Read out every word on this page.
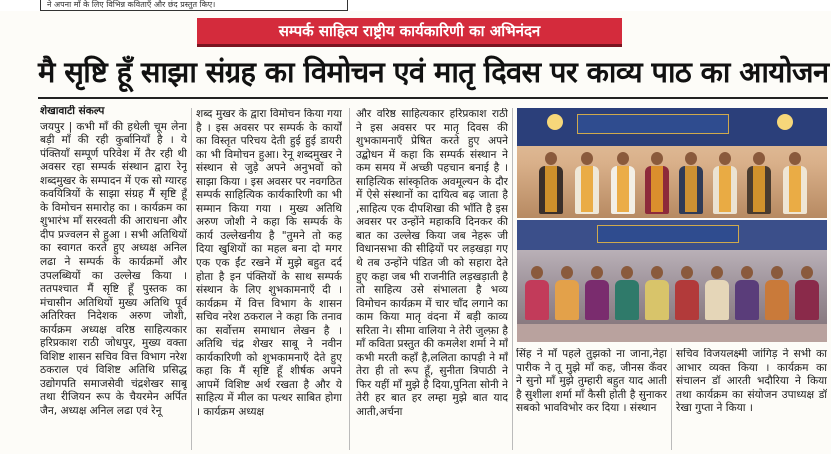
ने अपना माँ के लिए विभिन्न कविताएँ और छंद प्रस्तुत किए।
सम्पर्क साहित्य राष्ट्रीय कार्यकारिणी का अभिनंदन
मै सृष्टि हूँ साझा संग्रह का विमोचन एवं मातृ दिवस पर काव्य पाठ का आयोजन
शेखावाटी संकल्प

जयपुर | कभी माँ की हथेली चूम लेना बड़ी माँ की रही कुर्बानियाँ है । ये पंक्तियाँ सम्पूर्ण परिवेश में तैर रही थी अवसर रहा सम्पर्क संस्थान द्वारा रेनू शब्दमुखर के सम्पादन में एक सो ग्यारह कवयित्रियों के साझा संग्रह मैं सृष्टि हूँ के विमोचन समारोह का । कार्यक्रम का शुभारंभ माँ सरस्वती की आराधना और दीप प्रज्वलन से हुआ । सभी अतिथियों का स्वागत करते हुए अध्यक्ष अनिल लढा ने सम्पर्क के कार्यक्रमों और उपलब्धियों का उल्लेख किया । ततपश्चात मैं सृष्टि हूँ पुस्तक का मंचासीन अतिथियों मुख्य अतिथि पूर्व अतिरिक्त निदेशक अरुण जोशी, कार्यक्रम अध्यक्ष वरिष्ठ साहित्यकार हरिप्रकाश राठी जोधपुर, मुख्य वक्ता विशिष्ट शासन सचिव वित्त विभाग नरेश ठकराल एवं विशिष्ट अतिथि प्रसिद्ध उद्योगपति समाजसेवी चंद्रशेखर साबू तथा रीजियन रूप के चैयरमेन अर्पित जैन, अध्यक्ष अनिल लढा एवं रेनू

शब्द मुखर के द्वारा विमोचन किया गया है । इस अवसर पर सम्पर्क के कार्यों का विस्तृत परिचय देती हुई हुई डायरी का भी विमोचन हुआ। रेनू शब्दमुखर ने संस्थान से जुड़े अपने अनुभवों को साझा किया । इस अवसर पर नवगठित सम्पर्क साहित्यिक कार्यकारिणी का भी सम्मान किया गया । मुख्य अतिथि अरुण जोशी ने कहा कि सम्पर्क के कार्य उल्लेखनीय है "तुमने तो कह दिया खुशियों का महल बना दो मगर एक एक ईंट रखने में मुझे बहुत दर्द होता है इन पंक्तियों के साथ सम्पर्क संस्थान के लिए शुभकामनाएँ दी । कार्यक्रम में वित्त विभाग के शासन सचिव नरेश ठकराल ने कहा कि तनाव का सर्वोत्तम समाधान लेखन है । अतिथि चंद्र शेखर साबू ने नवीन कार्यकारिणी को शुभकामनाएँ देते हुए कहा कि मैं सृष्टि हूँ शीर्षक अपने आपमें विशिष्ट अर्थ रखता है और ये साहित्य में मील का पत्थर साबित होगा । कार्यक्रम अध्यक्ष

और वरिष्ठ साहित्यकार हरिप्रकाश राठी ने इस अवसर पर मातृ दिवस की शुभकामनाएँ प्रेषित करते हुए अपने उद्बोधन में कहा कि सम्पर्क संस्थान ने कम समय में अच्छी पहचान बनाई है । साहित्यिक सांस्कृतिक अवमूल्यन के दौर में ऐसे संस्थानों का दायित्व बढ़ जाता है ,साहित्य एक दीपशिखा की भाँति है इस अवसर पर उन्होंने महाकवि दिनकर की बात का उल्लेख किया जब नेहरू जी विधानसभा की सीढ़ियों पर लड़खड़ा गए थे तब उन्होंने पंडित जी को सहारा देते हुए कहा जब भी राजनीति लड़खड़ाती है तो साहित्य उसे संभालता है भव्य विमोचन कार्यक्रम में चार चाँद लगाने का काम किया मातृ वंदना में बड़ी काव्य सरिता ने। सीमा वालिया ने तेरी जुल्फ़ा है माँ कविता प्रस्तुत की कमलेश शर्मा ने माँ कभी मरती कहाँ है,ललिता कापड़ी ने माँ तेरा ही तो रूप हूँ, सुनीता त्रिपाठी ने फिर यहीं माँ मुझे है दिया,पुनिता सोनी ने तेरी हर बात हर लम्हा मुझे बात याद आती,अर्चना

सिंह ने माँ पहले तुझको ना जाना,नेहा पारीक ने तू मुझे माँ कह, जीनस कँवर ने सुनो माँ मुझे तुम्हारी बहुत याद आती है सुशीला शर्मा माँ कैसी होती है सुनाकर सबको भावविभोर कर दिया । संस्थान

सचिव विजयलक्ष्मी जांगिड़ ने सभी का आभार व्यक्त किया । कार्यक्रम का संचालन डॉ आरती भदौरिया ने किया तथा कार्यक्रम का संयोजन उपाध्यक्ष डॉ रेखा गुप्ता ने किया ।
